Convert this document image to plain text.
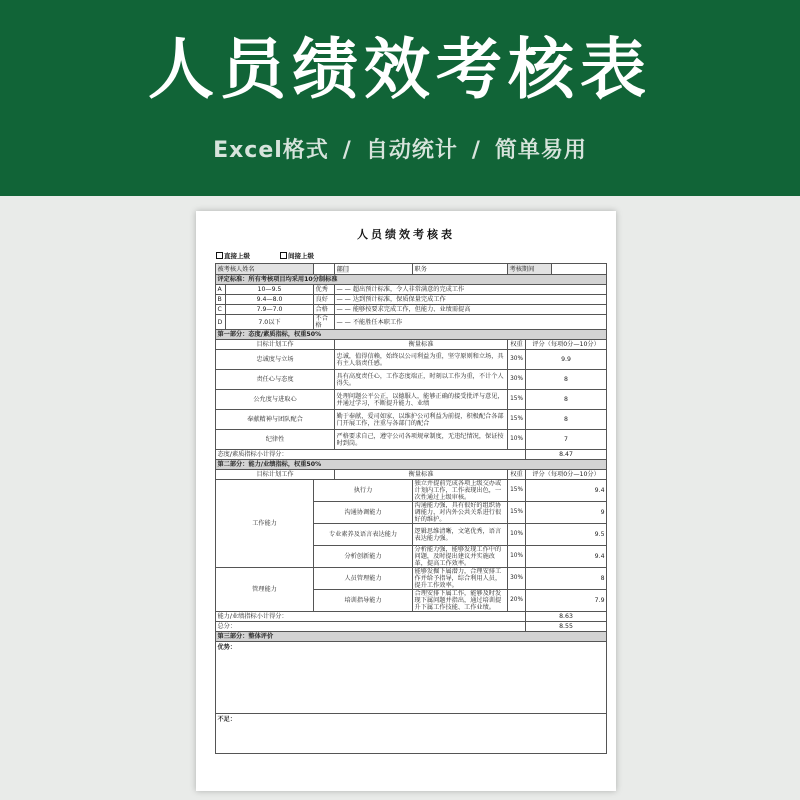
人员绩效考核表
Excel格式 / 自动统计 / 简单易用
人员绩效考核表
直接上级	间接上级
被考核人姓名			部门	职务	考核期间		
评定标准：所有考核项目均采用10分制标准							
A	10—9.5	优秀	— — 超出预计标准，令人非常满意的完成工作				
B	9.4—8.0	良好	— — 达到预计标准，保质保量完成工作				
C	7.9—7.0	合格	— — 能够按要求完成工作，但能力、业绩需提高				
D	7.0以下	不合格	— — 不能胜任本职工作				
第一部分：态度/素质指标，权重50%							
目标计划工作			衡量标准		权重	评分（每项0分—10分）	
忠诚度与立场			忠诚，值得信赖，始终以公司利益为重，坚守原则和立场，具有主人翁责任感。		30%	9.9	
责任心与态度			具有高度责任心，工作态度端正，时刻以工作为重，不计个人得失。		30%	8	
公允度与进取心			处理问题公平公正，以德服人，能够正确的接受批评与意见，并通过学习，不断提升能力、业绩		15%	8	
奉献精神与团队配合			勤于奉献，爱司如家，以维护公司利益为前提，积极配合各部门开展工作，注重与各部门的配合		15%	8	
纪律性			严格要求自己，遵守公司各项规章制度，无违纪情况，保证按时到岗。		10%	7	
态度/素质指标小计得分：						8.47	
第二部分：能力/业绩指标，权重50%							
目标计划工作			衡量标准		权重	评分（每项0分—10分）	
工作能力		执行力		独立并提前完成各项上级交办或计划内工作，工作表现出色，一次性通过上级审核。	15%	9.4	
		沟通协调能力		沟通能力强，具有很好的组织协调能力，对内外公共关系进行很好的维护。	15%	9	
		专业素养及语言表达能力		逻辑思维清晰，文笔优秀，语言表达能力强。	10%	9.5	
		分析创新能力		分析能力强，能够发现工作中的问题，及时提出建议并实施改革，提高工作效率。	10%	9.4	
管理能力		人员管理能力		能够发掘下属潜力，合理安排工作并给予指导，综合利用人员，提升工作效率。	30%	8	
		培训指导能力		合理安排下属工作，能够及时发现下属问题并指出，通过培训提升下属工作技能、工作业绩。	20%	7.9	
能力/业绩指标小计得分：						8.63	
总分：						8.55	
第三部分：整体评价							
优势：							
不足：							
